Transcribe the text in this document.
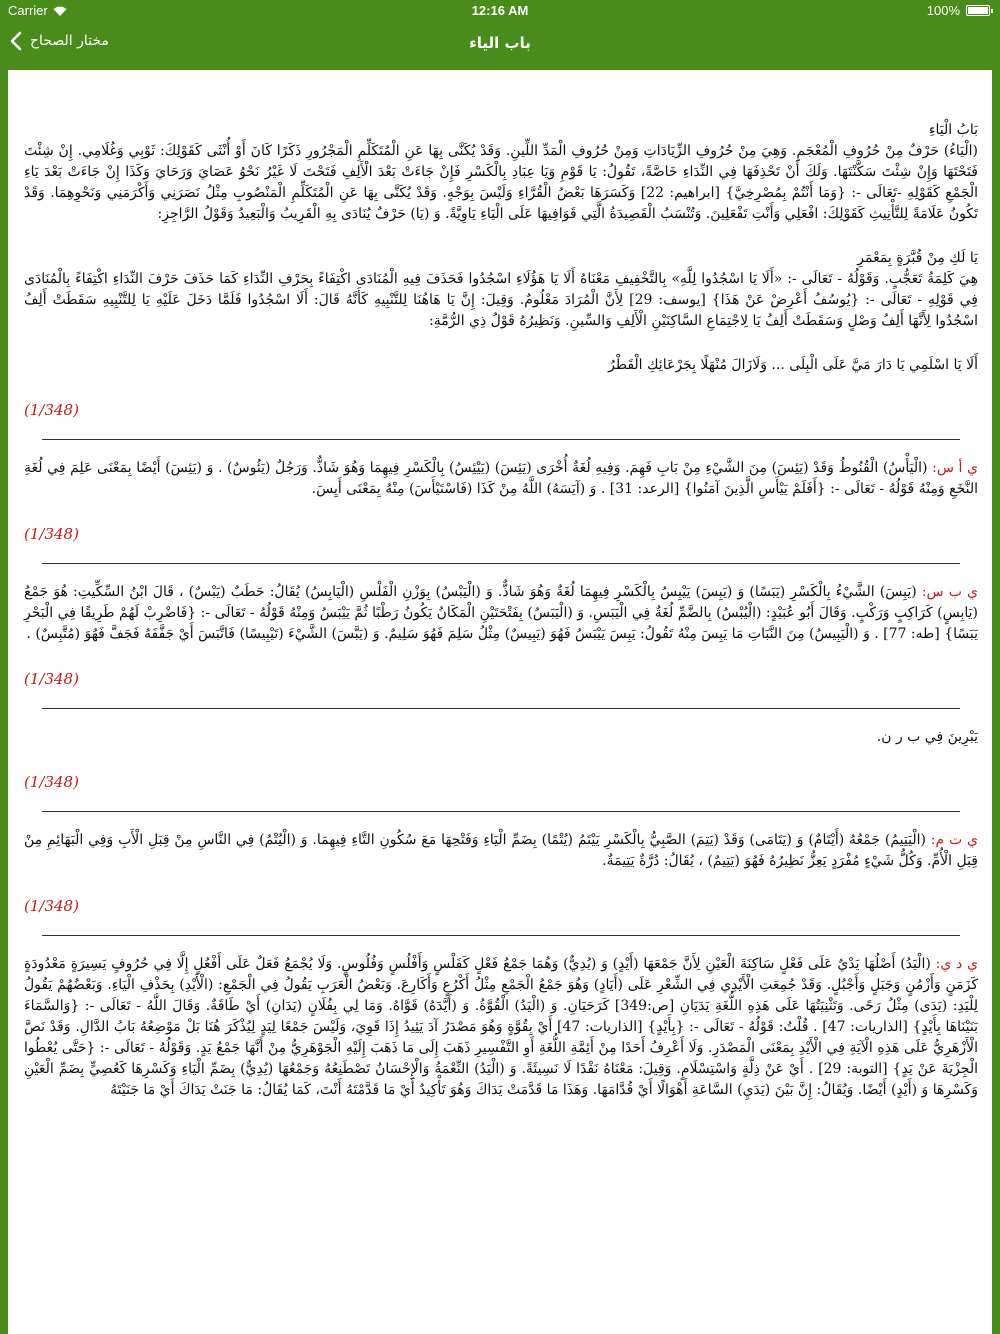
Carrier	12:16 AM	100%
مختار الصحاح	باب الياء

بَابُ الْيَاءِ

(الْيَاءُ) حَرْفٌ مِنْ حُرُوفِ الْمُعْجَمِ. وَهِيَ مِنْ حُرُوفِ الزِّيَادَاتِ وَمِنْ حُرُوفِ الْمَدِّ اللِّينِ. وَقَدْ يُكَنَّى بِهَا عَنِ الْمُتَكَلِّمِ الْمَجْرُورِ ذَكَرًا كَانَ أَوْ أُنْثَى كَقَوْلِكَ: ثَوْبِي وَغُلَامِي. إِنْ شِئْتَ فَتَحْتَهَا وَإِنْ شِئْتَ سَكَّنْتَهَا. وَلَكَ أَنْ تَحْذِفَهَا فِي النِّدَاءِ خَاصَّةً، تَقُولُ: يَا قَوْمِ وَيَا عِبَادِ بِالْكَسْرِ فَإِنْ جَاءَتْ بَعْدَ الْأَلِفِ فَتَحْتَ لَا غَيْرُ نَحْوُ عَصَايَ وَرَحَايَ وَكَذَا إِنْ جَاءَتْ بَعْدَ يَاءِ الْجَمْعِ كَقَوْلِهِ -تَعَالَى -: {وَمَا أَنْتُمْ بِمُصْرِخِيَّ} [ابراهيم: 22] وَكَسَرَهَا بَعْضُ الْقُرَّاءِ وَلَيْسَ بِوَجْهٍ. وَقَدْ يُكَنَّى بِهَا عَنِ الْمُتَكَلِّمِ الْمَنْصُوبِ مِثْلُ نَصَرَنِي وَأَكْرَمَنِي وَنَحْوِهِمَا. وَقَدْ تَكُونُ عَلَامَةً لِلتَّأْنِيثِ كَقَوْلِكَ: افْعَلِي وَأَنْتِ تَفْعَلِينَ. وَتُنْسَبُ الْقَصِيدَةُ الَّتِي قَوَافِيهَا عَلَى الْيَاءِ يَاوِيَّةً. وَ (يَا) حَرْفٌ يُنَادَى بِهِ الْقَرِيبُ وَالْبَعِيدُ وَقَوْلُ الرَّاجِزِ:

يَا لَكِ مِنْ قُبَّرَةٍ بِمَعْمَرِ

هِيَ كَلِمَةُ تَعَجُّبٍ. وَقَوْلُهُ - تَعَالَى -: «أَلَا يَا اسْجُدُوا لِلَّهِ» بِالتَّخْفِيفِ مَعْنَاهُ أَلَا يَا هَؤُلَاءِ اسْجُدُوا فَحَذَفَ فِيهِ الْمُنَادَى اكْتِفَاءً بِحَرْفِ النِّدَاءِ كَمَا حَذَفَ حَرْفَ النِّدَاءِ اكْتِفَاءً بِالْمُنَادَى فِي قَوْلِهِ - تَعَالَى -: {يُوسُفُ أَعْرِضْ عَنْ هَذَا} [يوسف: 29] لِأَنَّ الْمُرَادَ مَعْلُومٌ. وَقِيلَ: إِنَّ يَا هَاهُنَا لِلتَّنْبِيهِ كَأَنَّهُ قَالَ: أَلَا اسْجُدُوا فَلَمَّا دَخَلَ عَلَيْهِ يَا لِلتَّنْبِيهِ سَقَطَتْ أَلِفُ اسْجُدُوا لِأَنَّهَا أَلِفُ وَصْلٍ وَسَقَطَتْ أَلِفُ يَا لِاجْتِمَاعِ السَّاكِنَيْنِ الْأَلِفِ وَالسِّينِ. وَنَظِيرُهُ قَوْلُ ذِي الرُّمَّةِ:

أَلَا يَا اسْلَمِي يَا دَارَ مَيَّ عَلَى الْبِلَى ... وَلَازَالَ مُنْهَلًا بِجَرْعَائِكِ الْقَطْرُ

(1/348)

ي أ س: (الْيَأْسُ) الْقُنُوطُ وَقَدْ (يَئِسَ) مِنَ الشَّيْءِ مِنْ بَابِ فَهِمَ. وَفِيهِ لُغَةٌ أُخْرَى (يَئِسَ) (يَيْئِسُ) بِالْكَسْرِ فِيهِمَا وَهُوَ شَاذٌّ. وَرَجُلٌ (يَئُوسٌ) . وَ (يَئِسَ) أَيْضًا بِمَعْنَى عَلِمَ فِي لُغَةِ النَّخَعِ وَمِنْهُ قَوْلُهُ - تَعَالَى -: {أَفَلَمْ يَيْأَسِ الَّذِينَ آمَنُوا} [الرعد: 31] . وَ (آيَسَهُ) اللَّهُ مِنْ كَذَا (فَاسْتَيْأَسَ) مِنْهُ بِمَعْنَى أَيِسَ.

(1/348)

ي ب س: (يَبِسَ) الشَّيْءُ بِالْكَسْرِ (يَبَسًا) وَ (يَبِسَ) يَيْبِسُ بِالْكَسْرِ فِيهِمَا لُغَةٌ وَهُوَ شَاذٌّ. وَ (الْيَبْسُ) بِوَزْنِ الْفَلْسِ (الْيَابِسُ) يُقَالُ: حَطَبٌ (يَبْسٌ) ، قَالَ ابْنُ السِّكِّيتِ: هُوَ جَمْعُ (يَابِسٍ) كَرَاكِبٍ وَرَكْبٍ. وَقَالَ أَبُو عُبَيْدٍ: (الْيُبْسُ) بِالضَّمِّ لُغَةٌ فِي الْيَبَسِ. وَ (الْيَبَسُ) بِفَتْحَتَيْنِ الْمَكَانُ يَكُونُ رَطْبًا ثُمَّ يَيْبَسُ وَمِنْهُ قَوْلُهُ - تَعَالَى -: {فَاضْرِبْ لَهُمْ طَرِيقًا فِي الْبَحْرِ يَبَسًا} [طه: 77] . وَ (الْيَبِيسُ) مِنَ النَّبَاتِ مَا يَبِسَ مِنْهُ تَقُولُ: يَبِسَ يَيْبَسُ فَهُوَ (يَبِيسٌ) مِثْلُ سَلِمَ فَهُوَ سَلِيمٌ. وَ (يَبَّسَ) الشَّيْءَ (تَيْبِيسًا) فَاتَّبَسَ أَيْ جَفَّفَهُ فَجَفَّ فَهُوَ (مُتَّبِسٌ) .

(1/348)

يَبْرِينَ فِي ب ر ن.

(1/348)

ي ت م: (الْيَتِيمُ) جَمْعُهُ (أَيْتَامٌ) وَ (يَتَامَى) وَقَدْ (يَتِمَ) الصَّبِيُّ بِالْكَسْرِ يَيْتَمُ (يُتْمًا) بِضَمِّ الْيَاءِ وَفَتْحِهَا مَعَ سُكُونِ التَّاءِ فِيهِمَا. وَ (الْيُتْمُ) فِي النَّاسِ مِنْ قِبَلِ الْأَبِ وَفِي الْبَهَائِمِ مِنْ قِبَلِ الْأُمِّ. وَكُلُّ شَيْءٍ مُفْرَدٍ يَعِزُّ نَظِيرُهُ فَهُوَ (يَتِيمٌ) ، يُقَالُ: دُرَّةٌ يَتِيمَةٌ.

(1/348)

ي د ي: (الْيَدُ) أَصْلُهَا يَدْيٌ عَلَى فَعْلٍ سَاكِنَةَ الْعَيْنِ لِأَنَّ جَمْعَهَا (أَيْدٍ) وَ (يُدِيٌّ) وَهُمَا جَمْعُ فَعْلٍ كَفَلْسٍ وَأَفْلُسٍ وَفُلُوسٍ. وَلَا يُجْمَعُ فَعَلٌ عَلَى أَفْعُلٍ إِلَّا فِي حُرُوفٍ يَسِيرَةٍ مَعْدُودَةٍ كَزَمَنٍ وَأَزْمُنٍ وَجَبَلٍ وَأَجْبُلٍ. وَقَدْ جُمِعَتِ الْأَيْدِي فِي الشِّعْرِ عَلَى (أَيَادٍ) وَهُوَ جَمْعُ الْجَمْعِ مِثْلُ أَكْرُعٍ وَأَكَارِعَ. وَبَعْضُ الْعَرَبِ يَقُولُ فِي الْجَمْعِ: (الْأَيْدِ) بِحَذْفِ الْيَاءِ. وَبَعْضُهُمْ يَقُولُ لِلْيَدِ: (يَدَى) مِثْلُ رَحًى. وَتَثْنِيَتُهَا عَلَى هَذِهِ اللُّغَةِ يَدَيَانِ [ص:349] كَرَحَيَانِ. وَ (الْيَدُ) الْقُوَّةُ. وَ (أَيَّدَهُ) قَوَّاهُ. وَمَا لِي بِفُلَانٍ (يَدَانِ) أَيْ طَاقَةٌ. وَقَالَ اللَّهُ - تَعَالَى -: {وَالسَّمَاءَ بَنَيْنَاهَا بِأَيْدٍ} [الذاريات: 47] . قُلْتُ: قَوْلُهُ - تَعَالَى -: {بِأَيْدٍ} [الذاريات: 47] أَيْ بِقُوَّةٍ وَهُوَ مَصْدَرُ آدَ يَئِيدُ إِذَا قَوِيَ، وَلَيْسَ جَمْعًا لِيَدٍ لِيُذْكَرَ هُنَا بَلْ مَوْضِعُهُ بَابُ الدَّالِ. وَقَدْ نَصَّ الْأَزْهَرِيُّ عَلَى هَذِهِ الْآيَةِ فِي الْأَيْدِ بِمَعْنَى الْمَصْدَرِ. وَلَا أَعْرِفُ أَحَدًا مِنْ أَئِمَّةِ اللُّغَةِ أَوِ التَّفْسِيرِ ذَهَبَ إِلَى مَا ذَهَبَ إِلَيْهِ الْجَوْهَرِيُّ مِنْ أَنَّهَا جَمْعُ يَدٍ. وَقَوْلُهُ - تَعَالَى -: {حَتَّى يُعْطُوا الْجِزْيَةَ عَنْ يَدٍ} [التوبة: 29] . أَيْ عَنْ ذِلَّةٍ وَاسْتِسْلَامٍ. وَقِيلَ: مَعْنَاهُ نَقْدًا لَا نَسِيئَةً. وَ (الْيَدُ) النِّعْمَةُ وَالْإِحْسَانُ تَصْطَنِعُهُ وَجَمْعُهَا (يُدِيٌّ) بِضَمِّ الْيَاءِ وَكَسْرِهَا كَعُصِيٍّ بِضَمِّ الْعَيْنِ وَكَسْرِهَا وَ (أَيْدٍ) أَيْضًا. وَيُقَالُ: إِنَّ بَيْنَ (يَدَيِ) السَّاعَةِ أَهْوَالًا أَيْ قُدَّامَهَا. وَهَذَا مَا قَدَّمَتْ يَدَاكَ وَهُوَ تَأْكِيدٌ أَيْ مَا قَدَّمْتَهُ أَنْتَ، كَمَا يُقَالُ: مَا جَنَتْ يَدَاكَ أَيْ مَا جَنَيْتَهُ
